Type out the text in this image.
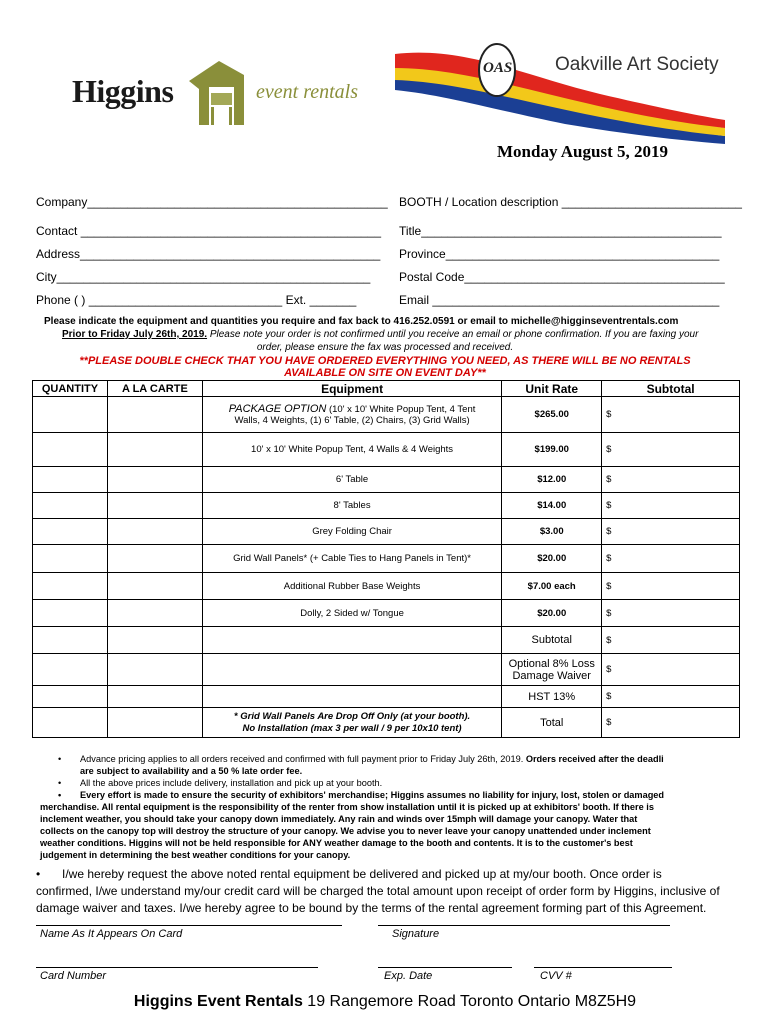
Higgins	event rentals
OAS Oakville Art Society
Monday August 5, 2019
Company_____________________________________________ BOOTH / Location description ___________________________
Contact _____________________________________________ Title_____________________________________________
Address_____________________________________________ Province_________________________________________
City_______________________________________________ Postal Code_______________________________________
Phone ( ) _____________________________ Ext. _______	Email ___________________________________________
Please indicate the equipment and quantities you require and fax back to 416.252.0591 or email to michelle@higginseventrentals.com
Prior to Friday July 26th, 2019. Please note your order is not confirmed until you receive an email or phone confirmation. If you are faxing your
order, please ensure the fax was processed and received.
**PLEASE DOUBLE CHECK THAT YOU HAVE ORDERED EVERYTHING YOU NEED, AS THERE WILL BE NO RENTALS
AVAILABLE ON SITE ON EVENT DAY**
QUANTITY	A LA CARTE	Equipment	Unit Rate	Subtotal
		PACKAGE OPTION (10' x 10' White Popup Tent, 4 Tent
Walls, 4 Weights, (1) 6' Table, (2) Chairs, (3) Grid Walls)	$265.00	$
		10' x 10' White Popup Tent, 4 Walls & 4 Weights	$199.00	$
		6' Table	$12.00	$
		8' Tables	$14.00	$
		Grey Folding Chair	$3.00	$
		Grid Wall Panels* (+ Cable Ties to Hang Panels in Tent)*	$20.00	$
		Additional Rubber Base Weights	$7.00 each	$
		Dolly, 2 Sided w/ Tongue	$20.00	$
			Subtotal	$
			Optional 8% Loss
Damage Waiver	$
			HST 13%	$
		* Grid Wall Panels Are Drop Off Only (at your booth).
No Installation (max 3 per wall / 9 per 10x10 tent)	Total	$
• Advance pricing applies to all orders received and confirmed with full payment prior to Friday July 26th, 2019. Orders received after the deadli
are subject to availability and a 50 % late order fee.
• All the above prices include delivery, installation and pick up at your booth.
•	Every effort is made to ensure the security of exhibitors' merchandise; Higgins assumes no liability for injury, lost, stolen or damaged
merchandise. All rental equipment is the responsibility of the renter from show installation until it is picked up at exhibitors' booth. If there is
inclement weather, you should take your canopy down immediately. Any rain and winds over 15mph will damage your canopy. Water that
collects on the canopy top will destroy the structure of your canopy. We advise you to never leave your canopy unattended under inclement
weather conditions. Higgins will not be held responsible for ANY weather damage to the booth and contents. It is to the customer's best
judgement in determining the best weather conditions for your canopy.
• I/we hereby request the above noted rental equipment be delivered and picked up at my/our booth. Once order is
confirmed, I/we understand my/our credit card will be charged the total amount upon receipt of order form by Higgins, inclusive of
damage waiver and taxes. I/we hereby agree to be bound by the terms of the rental agreement forming part of this Agreement.
Name As It Appears On Card	Signature
Card Number	Exp. Date	CVV #
Higgins Event Rentals 19 Rangemore Road Toronto Ontario M8Z5H9
